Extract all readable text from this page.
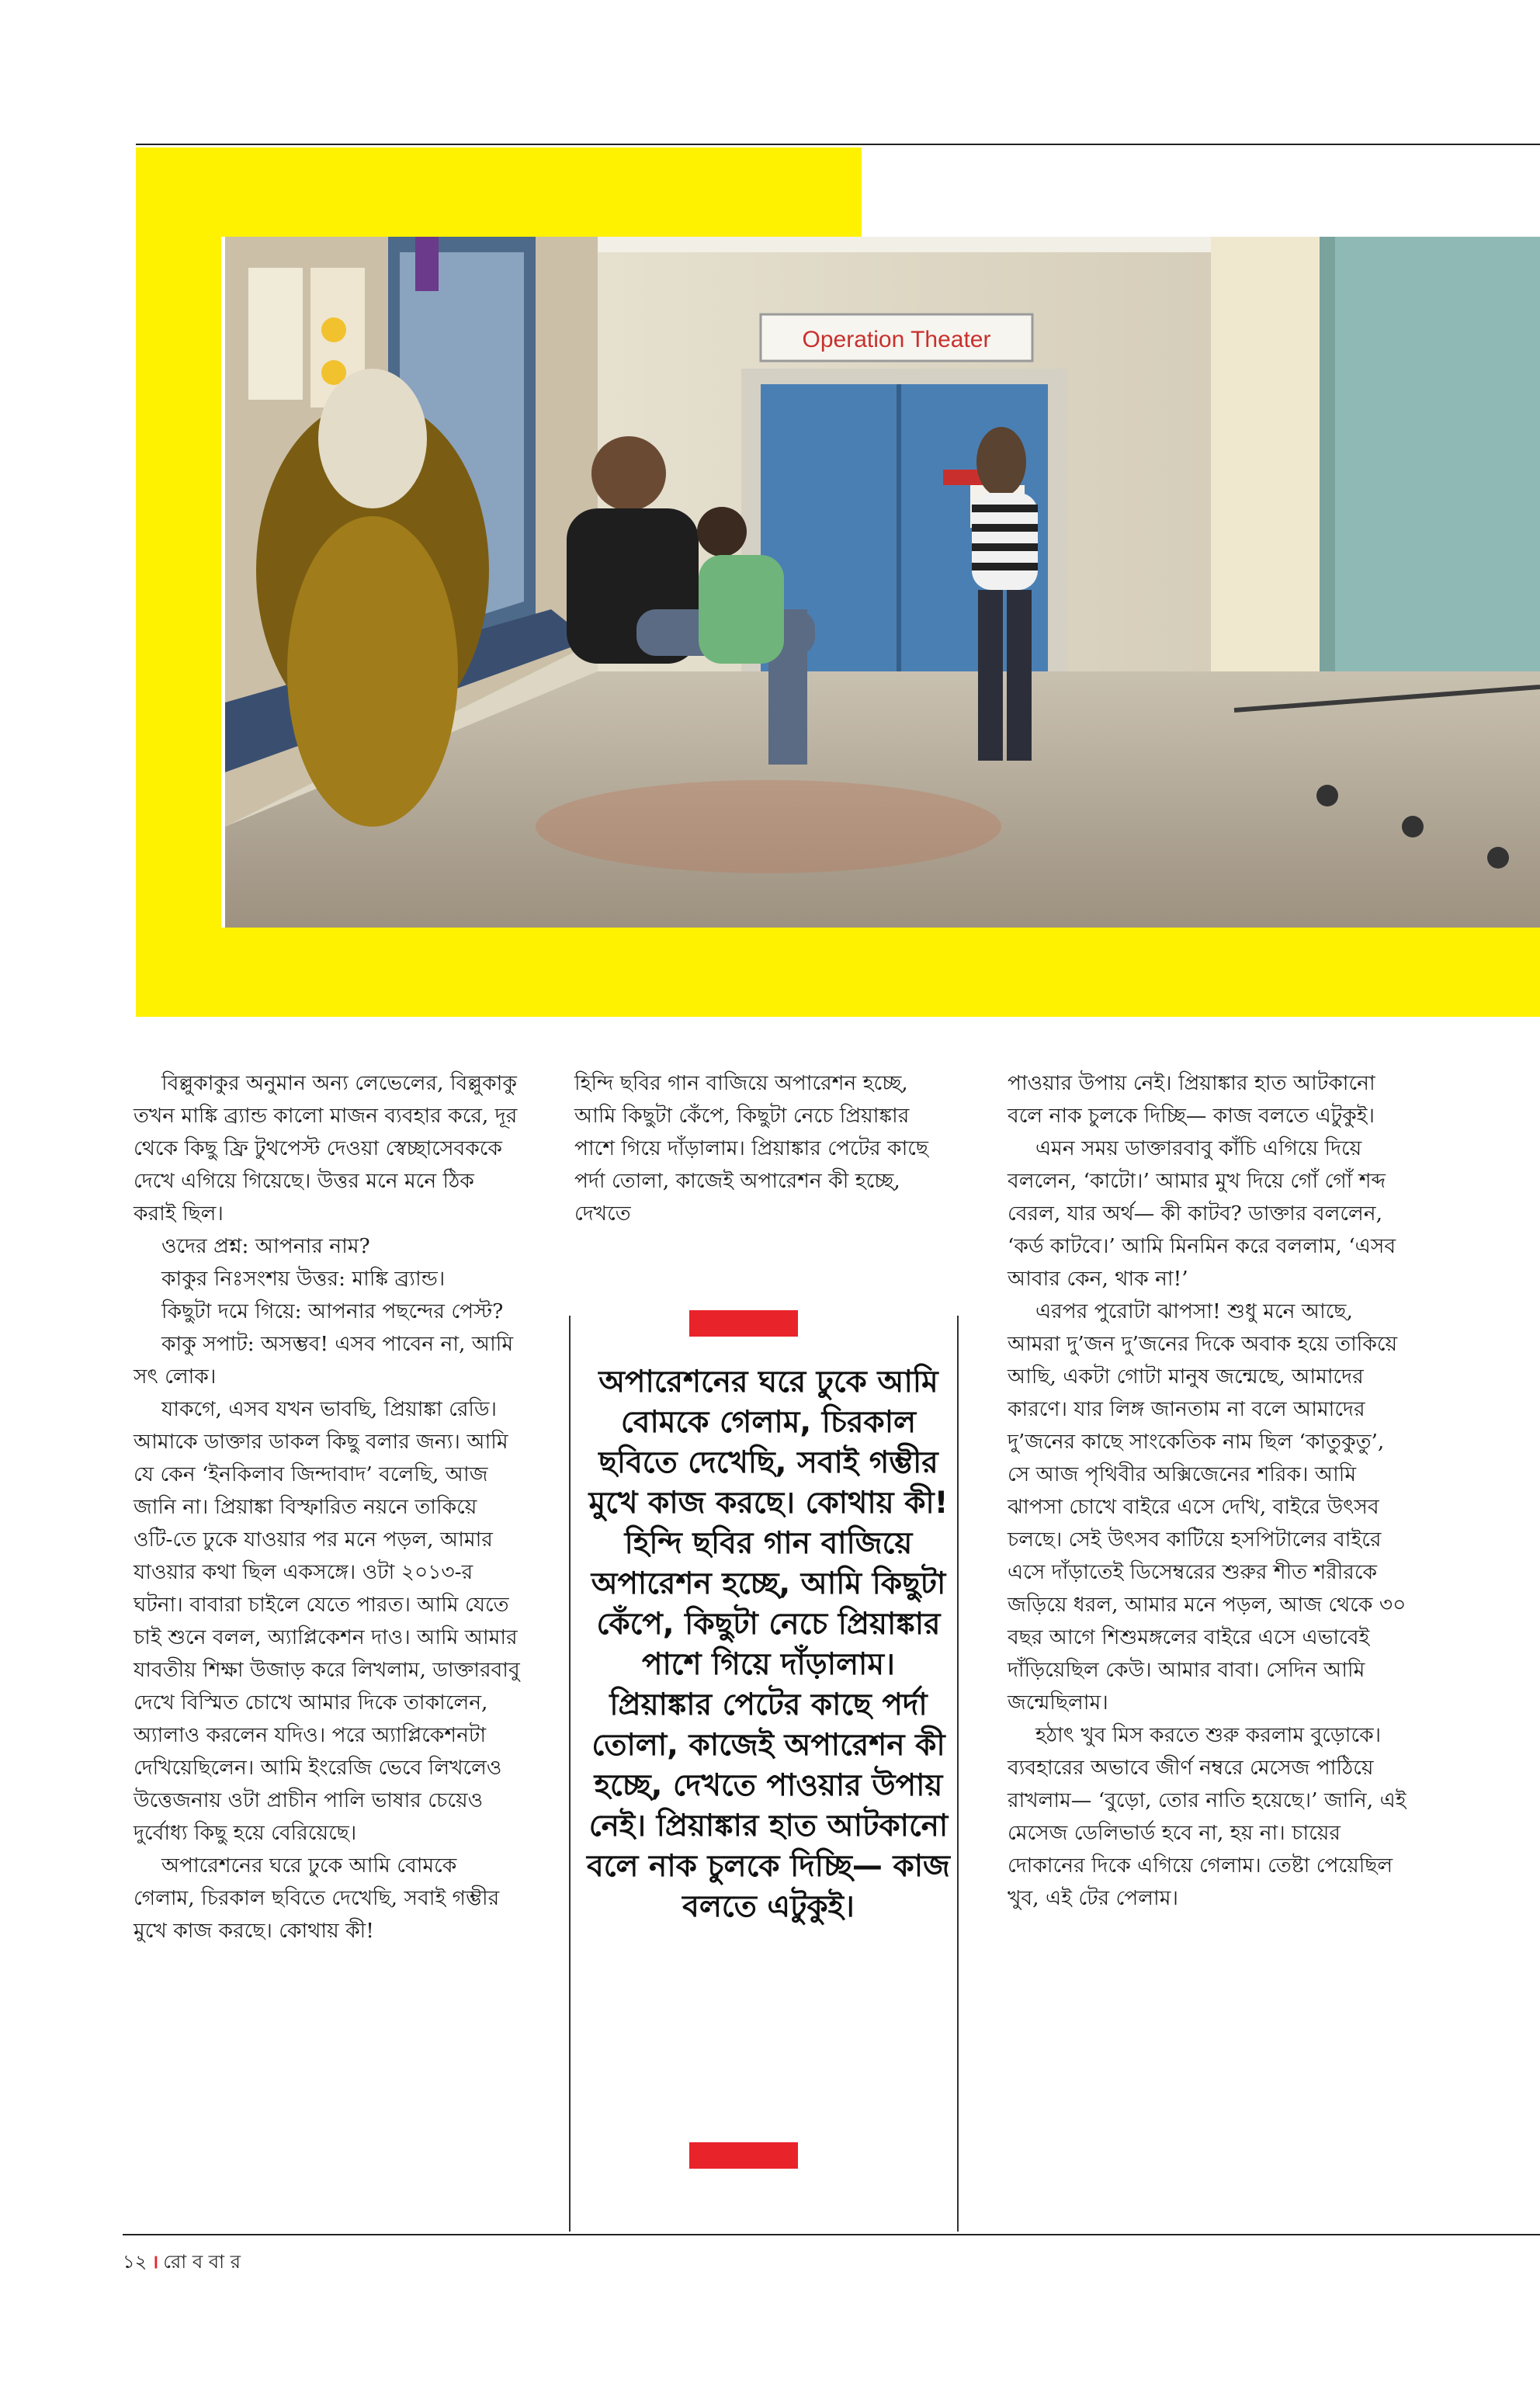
Operation Theater

বিল্লুকাকুর অনুমান অন্য লেভেলের, বিল্লুকাকু তখন মাঙ্কি ব্র্যান্ড কালো মাজন ব্যবহার করে, দূর থেকে কিছু ফ্রি টুথপেস্ট দেওয়া স্বেচ্ছাসেবককে দেখে এগিয়ে গিয়েছে। উত্তর মনে মনে ঠিক করাই ছিল।

ওদের প্রশ্ন: আপনার নাম?

কাকুর নিঃসংশয় উত্তর: মাঙ্কি ব্র্যান্ড।

কিছুটা দমে গিয়ে: আপনার পছন্দের পেস্ট?

কাকু সপাট: অসম্ভব! এসব পাবেন না, আমি সৎ লোক।

যাকগে, এসব যখন ভাবছি, প্রিয়াঙ্কা রেডি। আমাকে ডাক্তার ডাকল কিছু বলার জন্য। আমি যে কেন ‘ইনকিলাব জিন্দাবাদ’ বলেছি, আজ জানি না। প্রিয়াঙ্কা বিস্ফারিত নয়নে তাকিয়ে ওটি-তে ঢুকে যাওয়ার পর মনে পড়ল, আমার যাওয়ার কথা ছিল একসঙ্গে। ওটা ২০১৩-র ঘটনা। বাবারা চাইলে যেতে পারত। আমি যেতে চাই শুনে বলল, অ্যাপ্লিকেশন দাও। আমি আমার যাবতীয় শিক্ষা উজাড় করে লিখলাম, ডাক্তারবাবু দেখে বিস্মিত চোখে আমার দিকে তাকালেন, অ্যালাও করলেন যদিও। পরে অ্যাপ্লিকেশনটা দেখিয়েছিলেন। আমি ইংরেজি ভেবে লিখলেও উত্তেজনায় ওটা প্রাচীন পালি ভাষার চেয়েও দুর্বোধ্য কিছু হয়ে বেরিয়েছে।

অপারেশনের ঘরে ঢুকে আমি বোমকে গেলাম, চিরকাল ছবিতে দেখেছি, সবাই গম্ভীর মুখে কাজ করছে। কোথায় কী!

হিন্দি ছবির গান বাজিয়ে অপারেশন হচ্ছে, আমি কিছুটা কেঁপে, কিছুটা নেচে প্রিয়াঙ্কার পাশে গিয়ে দাঁড়ালাম। প্রিয়াঙ্কার পেটের কাছে পর্দা তোলা, কাজেই অপারেশন কী হচ্ছে, দেখতে

অপারেশনের ঘরে ঢুকে আমি বোমকে গেলাম, চিরকাল ছবিতে দেখেছি, সবাই গম্ভীর মুখে কাজ করছে। কোথায় কী! হিন্দি ছবির গান বাজিয়ে অপারেশন হচ্ছে, আমি কিছুটা কেঁপে, কিছুটা নেচে প্রিয়াঙ্কার পাশে গিয়ে দাঁড়ালাম। প্রিয়াঙ্কার পেটের কাছে পর্দা তোলা, কাজেই অপারেশন কী হচ্ছে, দেখতে পাওয়ার উপায় নেই। প্রিয়াঙ্কার হাত আটকানো বলে নাক চুলকে দিচ্ছি— কাজ বলতে এটুকুই।

পাওয়ার উপায় নেই। প্রিয়াঙ্কার হাত আটকানো বলে নাক চুলকে দিচ্ছি— কাজ বলতে এটুকুই।

এমন সময় ডাক্তারবাবু কাঁচি এগিয়ে দিয়ে বললেন, ‘কাটো।’ আমার মুখ দিয়ে গোঁ গোঁ শব্দ বেরল, যার অর্থ— কী কাটব? ডাক্তার বললেন, ‘কর্ড কাটবে।’ আমি মিনমিন করে বললাম, ‘এসব আবার কেন, থাক না!’

এরপর পুরোটা ঝাপসা! শুধু মনে আছে, আমরা দু’জন দু’জনের দিকে অবাক হয়ে তাকিয়ে আছি, একটা গোটা মানুষ জন্মেছে, আমাদের কারণে। যার লিঙ্গ জানতাম না বলে আমাদের দু’জনের কাছে সাংকেতিক নাম ছিল ‘কাতুকুতু’, সে আজ পৃথিবীর অক্সিজেনের শরিক। আমি ঝাপসা চোখে বাইরে এসে দেখি, বাইরে উৎসব চলছে। সেই উৎসব কাটিয়ে হসপিটালের বাইরে এসে দাঁড়াতেই ডিসেম্বরের শুরুর শীত শরীরকে জড়িয়ে ধরল, আমার মনে পড়ল, আজ থেকে ৩০ বছর আগে শিশুমঙ্গলের বাইরে এসে এভাবেই দাঁড়িয়েছিল কেউ। আমার বাবা। সেদিন আমি জন্মেছিলাম।

হঠাৎ খুব মিস করতে শুরু করলাম বুড়োকে। ব্যবহারের অভাবে জীর্ণ নম্বরে মেসেজ পাঠিয়ে রাখলাম— ‘বুড়ো, তোর নাতি হয়েছে।’ জানি, এই মেসেজ ডেলিভার্ড হবে না, হয় না। চায়ের দোকানের দিকে এগিয়ে গেলাম। তেষ্টা পেয়েছিল খুব, এই টের পেলাম।

১২ । রো ব বা র
